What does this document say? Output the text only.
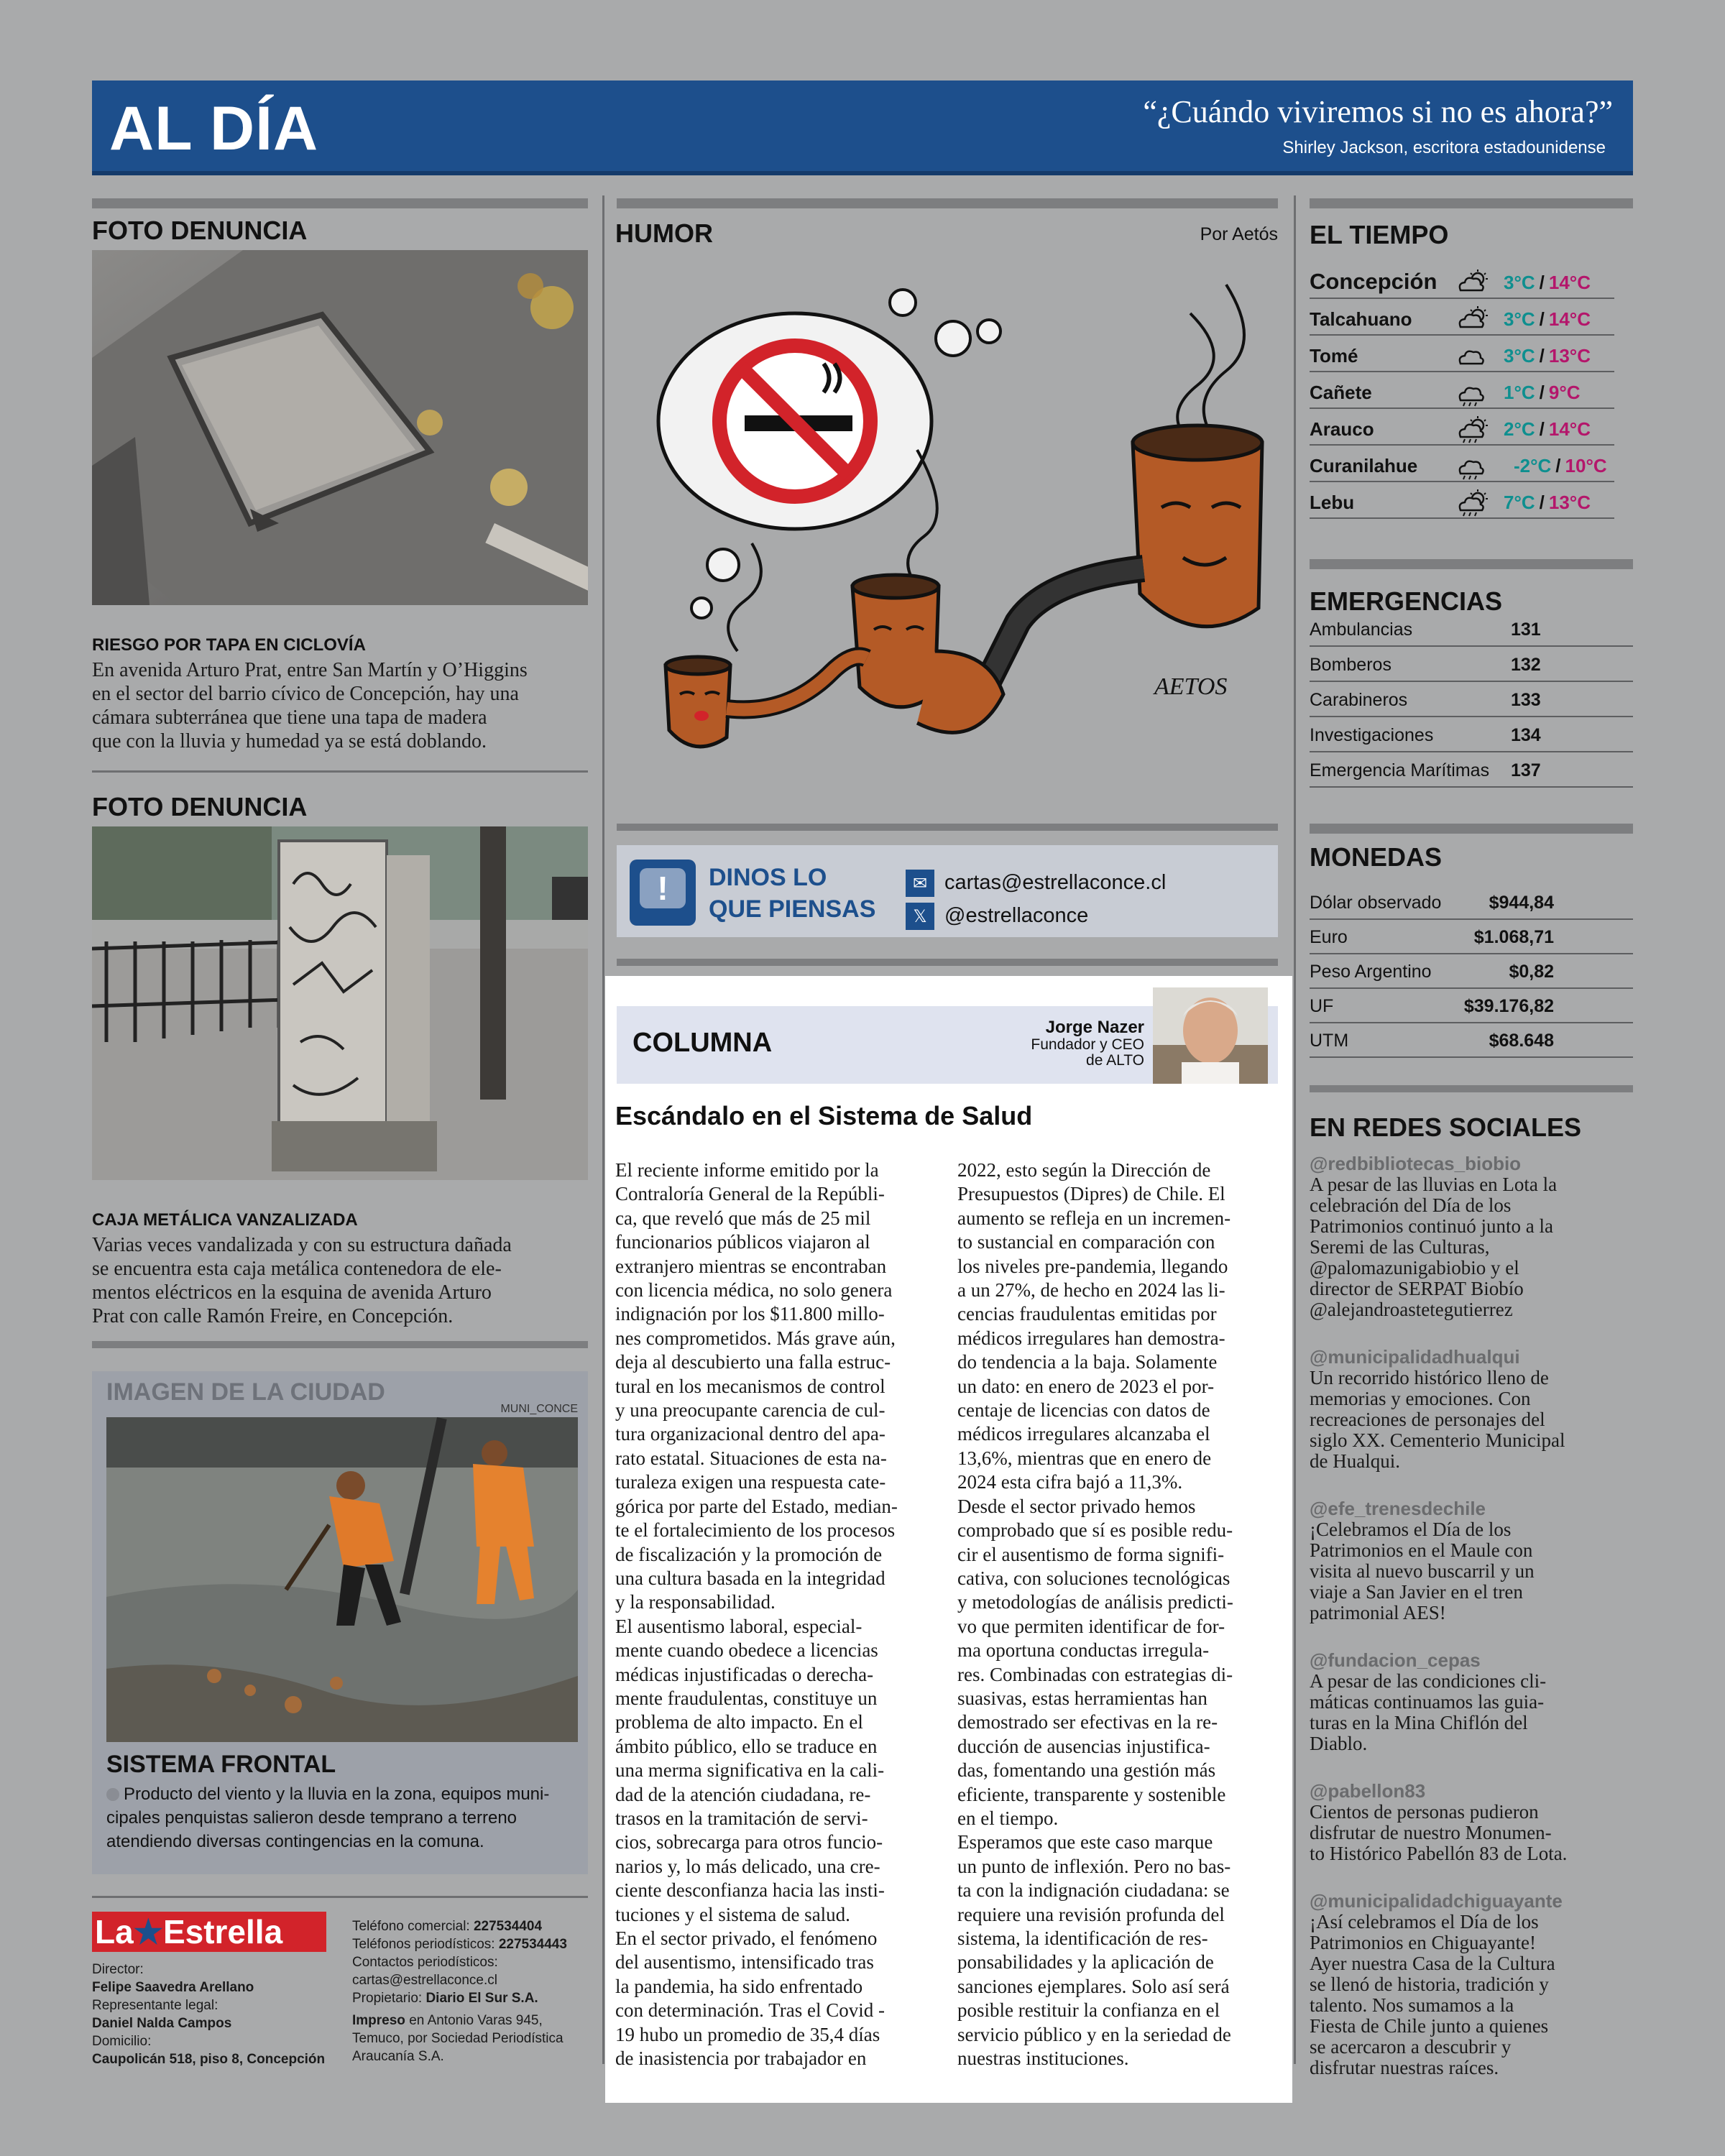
AL DÍA	“¿Cuándo viviremos si no es ahora?”
Shirley Jackson, escritora estadounidense
FOTO DENUNCIA
RIESGO POR TAPA EN CICLOVÍA
En avenida Arturo Prat, entre San Martín y O’Higgins
en el sector del barrio cívico de Concepción, hay una
cámara subterránea que tiene una tapa de madera
que con la lluvia y humedad ya se está doblando.
FOTO DENUNCIA
CAJA METÁLICA VANZALIZADA
Varias veces vandalizada y con su estructura dañada
se encuentra esta caja metálica contenedora de ele-
mentos eléctricos en la esquina de avenida Arturo
Prat con calle Ramón Freire, en Concepción.
IMAGEN DE LA CIUDAD
MUNI_CONCE
SISTEMA FRONTAL
Producto del viento y la lluvia en la zona, equipos muni-
cipales penquistas salieron desde temprano a terreno
atendiendo diversas contingencias en la comuna.
La★Estrella
Director:
Felipe Saavedra Arellano
Representante legal:
Daniel Nalda Campos
Domicilio:
Caupolicán 518, piso 8, Concepción
Teléfono comercial: 227534404
Teléfonos periodísticos: 227534443
Contactos periodísticos:
cartas@estrellaconce.cl
Propietario: Diario El Sur S.A.
Impreso en Antonio Varas 945,
Temuco, por Sociedad Periodística
Araucanía S.A.
HUMOR	Por Aetós
AETOS
!	DINOS LO
QUE PIENSAS
✉ cartas@estrellaconce.cl
𝕏 @estrellaconce
COLUMNA
Jorge Nazer
Fundador y CEO
de ALTO
Escándalo en el Sistema de Salud
El reciente informe emitido por la
Contraloría General de la Repúbli-
ca, que reveló que más de 25 mil
funcionarios públicos viajaron al
extranjero mientras se encontraban
con licencia médica, no solo genera
indignación por los $11.800 millo-
nes comprometidos. Más grave aún,
deja al descubierto una falla estruc-
tural en los mecanismos de control
y una preocupante carencia de cul-
tura organizacional dentro del apa-
rato estatal. Situaciones de esta na-
turaleza exigen una respuesta cate-
górica por parte del Estado, median-
te el fortalecimiento de los procesos
de fiscalización y la promoción de
una cultura basada en la integridad
y la responsabilidad.
El ausentismo laboral, especial-
mente cuando obedece a licencias
médicas injustificadas o derecha-
mente fraudulentas, constituye un
problema de alto impacto. En el
ámbito público, ello se traduce en
una merma significativa en la cali-
dad de la atención ciudadana, re-
trasos en la tramitación de servi-
cios, sobrecarga para otros funcio-
narios y, lo más delicado, una cre-
ciente desconfianza hacia las insti-
tuciones y el sistema de salud.
En el sector privado, el fenómeno
del ausentismo, intensificado tras
la pandemia, ha sido enfrentado
con determinación. Tras el Covid -
19 hubo un promedio de 35,4 días
de inasistencia por trabajador en
2022, esto según la Dirección de
Presupuestos (Dipres) de Chile. El
aumento se refleja en un incremen-
to sustancial en comparación con
los niveles pre-pandemia, llegando
a un 27%, de hecho en 2024 las li-
cencias fraudulentas emitidas por
médicos irregulares han demostra-
do tendencia a la baja. Solamente
un dato: en enero de 2023 el por-
centaje de licencias con datos de
médicos irregulares alcanzaba el
13,6%, mientras que en enero de
2024 esta cifra bajó a 11,3%.
Desde el sector privado hemos
comprobado que sí es posible redu-
cir el ausentismo de forma signifi-
cativa, con soluciones tecnológicas
y metodologías de análisis predicti-
vo que permiten identificar de for-
ma oportuna conductas irregula-
res. Combinadas con estrategias di-
suasivas, estas herramientas han
demostrado ser efectivas en la re-
ducción de ausencias injustifica-
das, fomentando una gestión más
eficiente, transparente y sostenible
en el tiempo.
Esperamos que este caso marque
un punto de inflexión. Pero no bas-
ta con la indignación ciudadana: se
requiere una revisión profunda del
sistema, la identificación de res-
ponsabilidades y la aplicación de
sanciones ejemplares. Solo así será
posible restituir la confianza en el
servicio público y en la seriedad de
nuestras instituciones.
EL TIEMPO
Concepción	3°C / 14°C
Talcahuano	3°C / 14°C
Tomé	3°C / 13°C
Cañete	1°C / 9°C
Arauco	2°C / 14°C
Curanilahue	-2°C / 10°C
Lebu	7°C / 13°C
EMERGENCIAS
Ambulancias	131
Bomberos	132
Carabineros	133
Investigaciones	134
Emergencia Marítimas 137
MONEDAS
Dólar observado	$944,84
Euro	$1.068,71
Peso Argentino	$0,82
UF	$39.176,82
UTM	$68.648
EN REDES SOCIALES
@redbibliotecas_biobio
A pesar de las lluvias en Lota la
celebración del Día de los
Patrimonios continuó junto a la
Seremi de las Culturas,
@palomazunigabiobio y el
director de SERPAT Biobío
@alejandroastetegutierrez
@municipalidadhualqui
Un recorrido histórico lleno de
memorias y emociones. Con
recreaciones de personajes del
siglo XX. Cementerio Municipal
de Hualqui.
@efe_trenesdechile
¡Celebramos el Día de los
Patrimonios en el Maule con
visita al nuevo buscarril y un
viaje a San Javier en el tren
patrimonial AES!
@fundacion_cepas
A pesar de las condiciones cli-
máticas continuamos las guia-
turas en la Mina Chiflón del
Diablo.
@pabellon83
Cientos de personas pudieron
disfrutar de nuestro Monumen-
to Histórico Pabellón 83 de Lota.
@municipalidadchiguayante
¡Así celebramos el Día de los
Patrimonios en Chiguayante!
Ayer nuestra Casa de la Cultura
se llenó de historia, tradición y
talento. Nos sumamos a la
Fiesta de Chile junto a quienes
se acercaron a descubrir y
disfrutar nuestras raíces.
